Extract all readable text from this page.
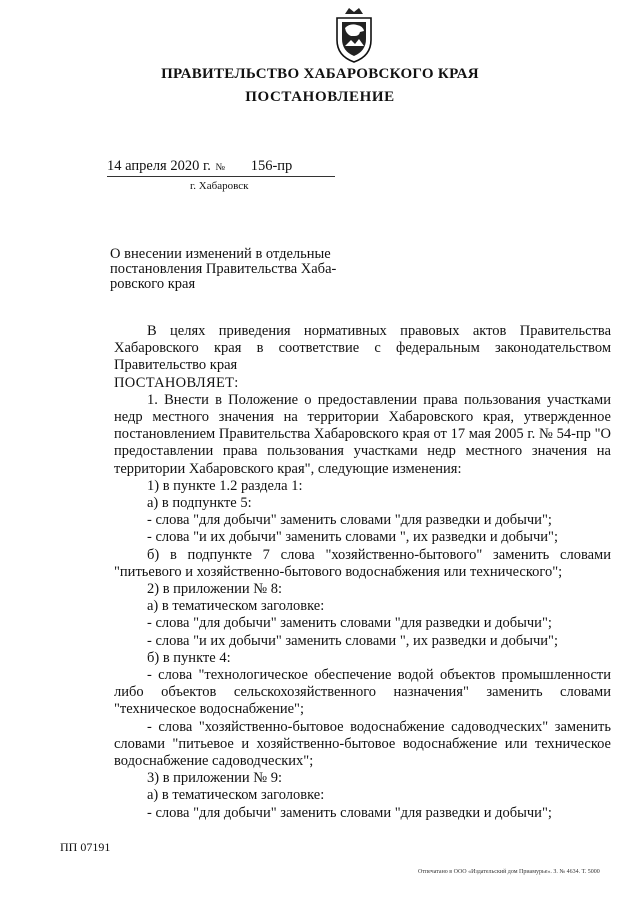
ПРАВИТЕЛЬСТВО ХАБАРОВСКОГО КРАЯ
ПОСТАНОВЛЕНИЕ
14 апреля 2020 г. № 156-пр
г. Хабаровск
О внесении изменений в отдельные
постановления Правительства Хаба-
ровского края

В целях приведения нормативных правовых актов Правительства Хабаровского края в соответствие с федеральным законодательством Правительство края

ПОСТАНОВЛЯЕТ:

1. Внести в Положение о предоставлении права пользования участками недр местного значения на территории Хабаровского края, утвержденное постановлением Правительства Хабаровского края от 17 мая 2005 г. № 54-пр "О предоставлении права пользования участками недр местного значения на территории Хабаровского края", следующие изменения:

1) в пункте 1.2 раздела 1:

а) в подпункте 5:

- слова "для добычи" заменить словами "для разведки и добычи";

- слова "и их добычи" заменить словами ", их разведки и добычи";

б) в подпункте 7 слова "хозяйственно-бытового" заменить словами "питьевого и хозяйственно-бытового водоснабжения или технического";

2) в приложении № 8:

а) в тематическом заголовке:

- слова "для добычи" заменить словами "для разведки и добычи";

- слова "и их добычи" заменить словами ", их разведки и добычи";

б) в пункте 4:

- слова "технологическое обеспечение водой объектов промышленности либо объектов сельскохозяйственного назначения" заменить словами "техническое водоснабжение";

- слова "хозяйственно-бытовое водоснабжение садоводческих" заменить словами "питьевое и хозяйственно-бытовое водоснабжение или техническое водоснабжение садоводческих";

3) в приложении № 9:

а) в тематическом заголовке:

- слова "для добычи" заменить словами "для разведки и добычи";

ПП 07191
Отпечатано в ООО «Издательский дом Приамурье». З. № 4634. Т. 5000
